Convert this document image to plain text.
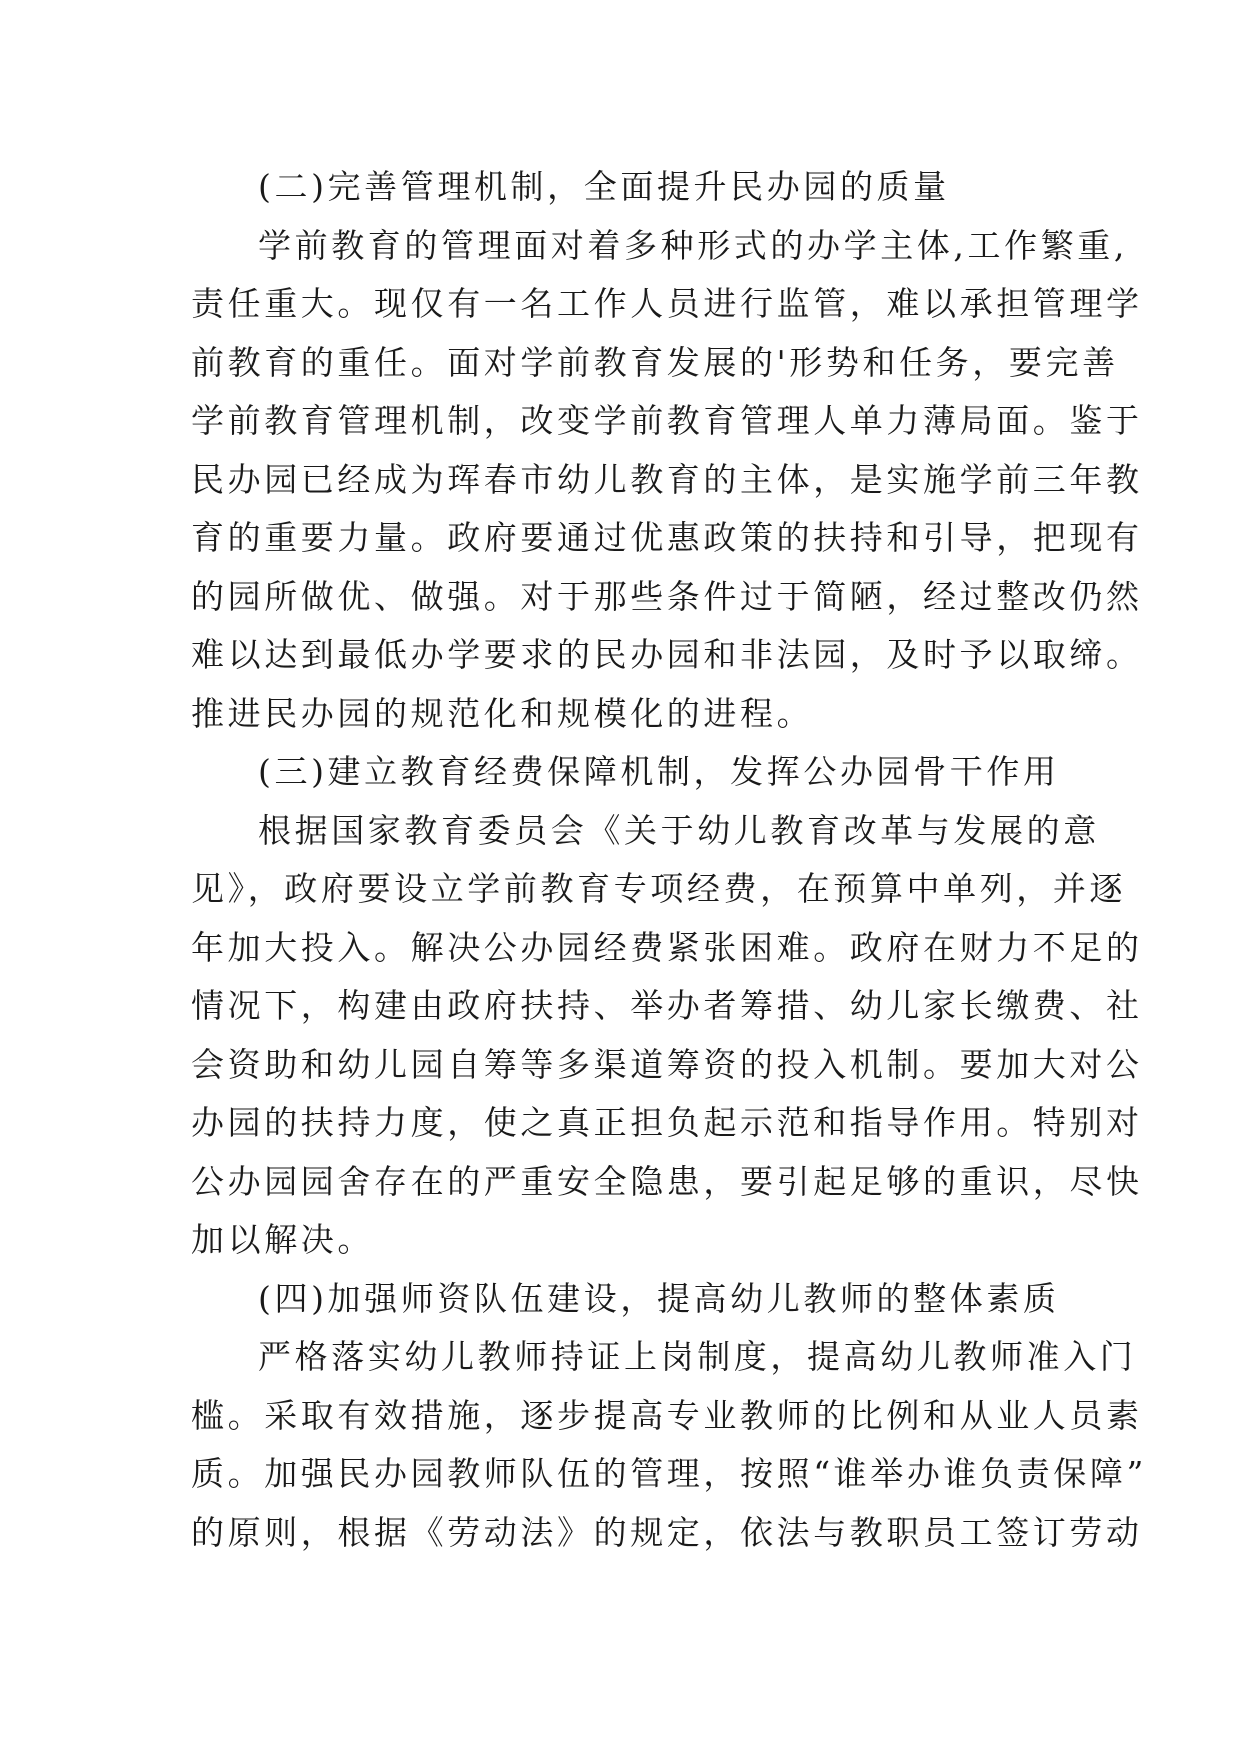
(二)完善管理机制，全面提升民办园的质量
学前教育的管理面对着多种形式的办学主体,工作繁重,
责任重大。现仅有一名工作人员进行监管，难以承担管理学
前教育的重任。面对学前教育发展的'形势和任务，要完善
学前教育管理机制，改变学前教育管理人单力薄局面。鉴于
民办园已经成为珲春市幼儿教育的主体，是实施学前三年教
育的重要力量。政府要通过优惠政策的扶持和引导，把现有
的园所做优、做强。对于那些条件过于简陋，经过整改仍然
难以达到最低办学要求的民办园和非法园，及时予以取缔。
推进民办园的规范化和规模化的进程。
(三)建立教育经费保障机制，发挥公办园骨干作用
根据国家教育委员会《关于幼儿教育改革与发展的意
见》，政府要设立学前教育专项经费，在预算中单列，并逐
年加大投入。解决公办园经费紧张困难。政府在财力不足的
情况下，构建由政府扶持、举办者筹措、幼儿家长缴费、社
会资助和幼儿园自筹等多渠道筹资的投入机制。要加大对公
办园的扶持力度，使之真正担负起示范和指导作用。特别对
公办园园舍存在的严重安全隐患，要引起足够的重识，尽快
加以解决。
(四)加强师资队伍建设，提高幼儿教师的整体素质
严格落实幼儿教师持证上岗制度，提高幼儿教师准入门
槛。采取有效措施，逐步提高专业教师的比例和从业人员素
质。加强民办园教师队伍的管理，按照“谁举办谁负责保障”
的原则，根据《劳动法》的规定，依法与教职员工签订劳动
